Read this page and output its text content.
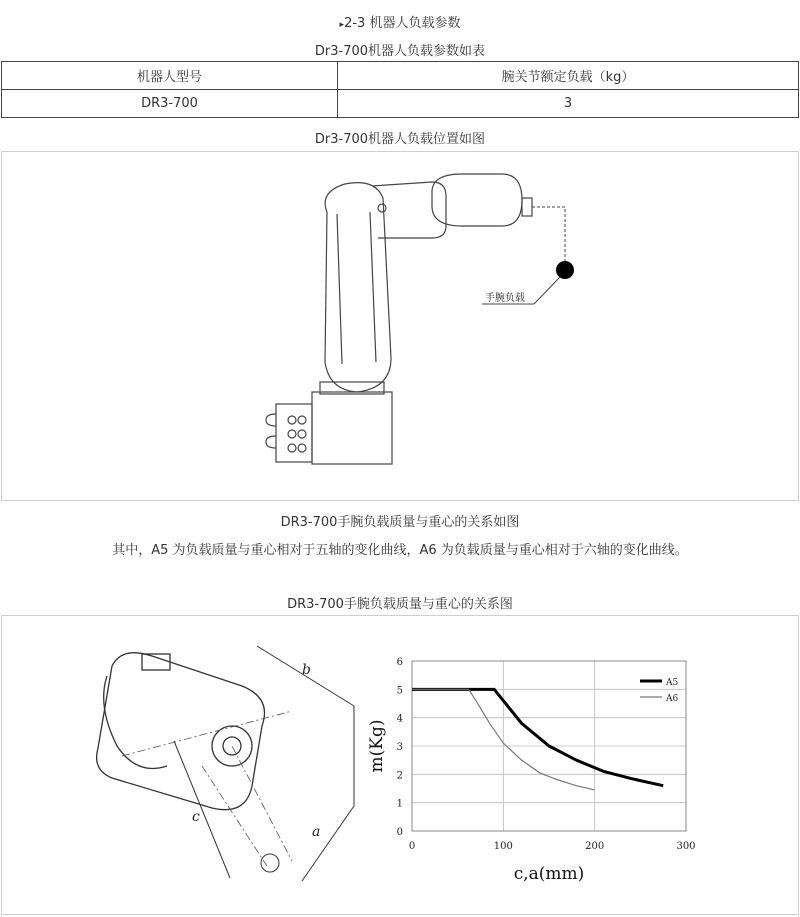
▸2-3 机器人负载参数
Dr3-700机器人负载参数如表
机器人型号	腕关节额定负载（kg）
DR3-700	3
Dr3-700机器人负载位置如图
手腕负载
DR3-700手腕负载质量与重心的关系如图
其中，A5 为负载质量与重心相对于五轴的变化曲线，A6 为负载质量与重心相对于六轴的变化曲线。
DR3-700手腕负载质量与重心的关系图
b
c
a
0	100	200	300
0
1
2
3
4
5
6
A5
A6
c,a(mm)
m(Kg)
